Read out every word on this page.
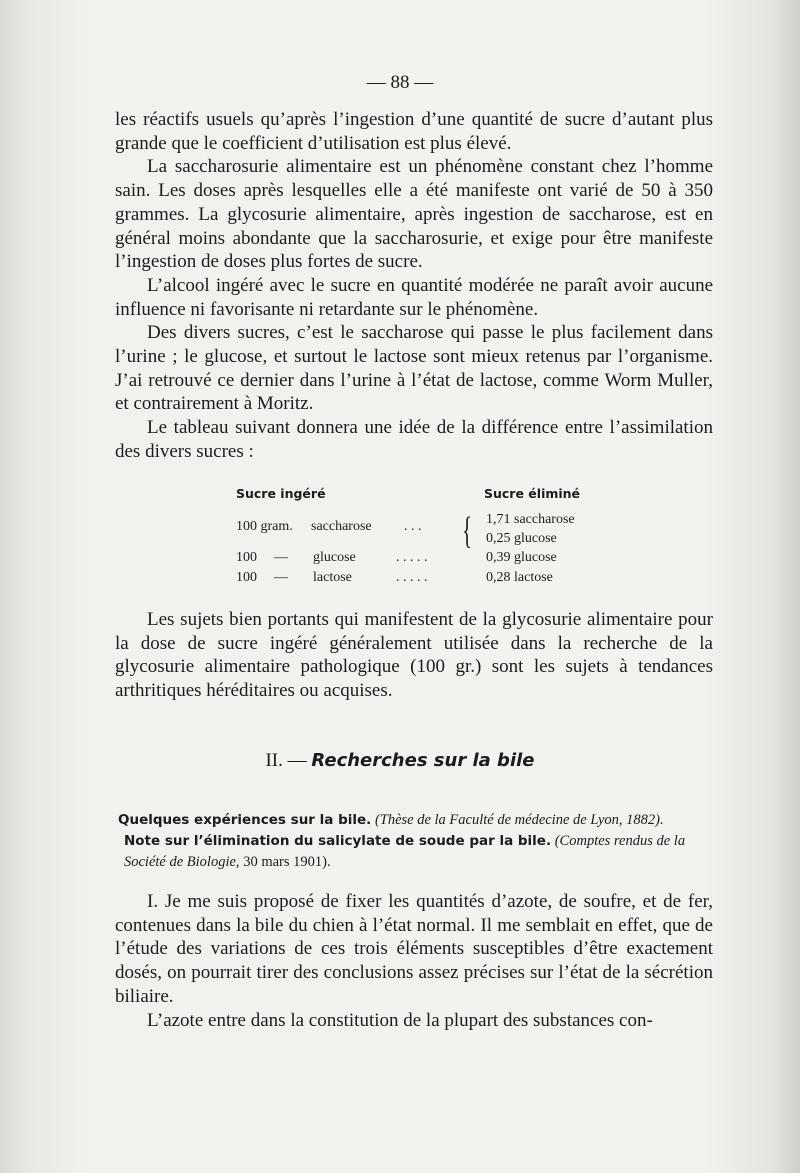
— 88 —

les réactifs usuels qu’après l’ingestion d’une quantité de sucre d’autant plus grande que le coefficient d’utilisation est plus élevé.

La saccharosurie alimentaire est un phénomène constant chez l’homme sain. Les doses après lesquelles elle a été manifeste ont varié de 50 à 350 grammes. La glycosurie alimentaire, après ingestion de saccharose, est en général moins abondante que la saccharosurie, et exige pour être manifeste l’ingestion de doses plus fortes de sucre.

L’alcool ingéré avec le sucre en quantité modérée ne paraît avoir aucune influence ni favorisante ni retardante sur le phénomène.

Des divers sucres, c’est le saccharose qui passe le plus facilement dans l’urine ; le glucose, et surtout le lactose sont mieux retenus par l’organisme. J’ai retrouvé ce dernier dans l’urine à l’état de lactose, comme Worm Muller, et contrairement à Moritz.

Le tableau suivant donnera une idée de la différence entre l’assimilation des divers sucres :

Sucre ingéré	Sucre éliminé
100 gram. saccharose . . .	1,71 saccharose
0,25 glucose
100 — glucose	. . . . .	0,39 glucose
100 — lactose	. . . . .	0,28 lactose
{

Les sujets bien portants qui manifestent de la glycosurie alimentaire pour la dose de sucre ingéré généralement utilisée dans la recherche de la glycosurie alimentaire pathologique (100 gr.) sont les sujets à tendances arthritiques héréditaires ou acquises.

II. — Recherches sur la bile
Quelques expériences sur la bile. (Thèse de la Faculté de médecine de Lyon, 1882).
Note sur l’élimination du salicylate de soude par la bile. (Comptes rendus de la Société de Biologie, 30 mars 1901).

I. Je me suis proposé de fixer les quantités d’azote, de soufre, et de fer, contenues dans la bile du chien à l’état normal. Il me semblait en effet, que de l’étude des variations de ces trois éléments susceptibles d’être exactement dosés, on pourrait tirer des conclusions assez précises sur l’état de la sécrétion biliaire.

L’azote entre dans la constitution de la plupart des substances con-
